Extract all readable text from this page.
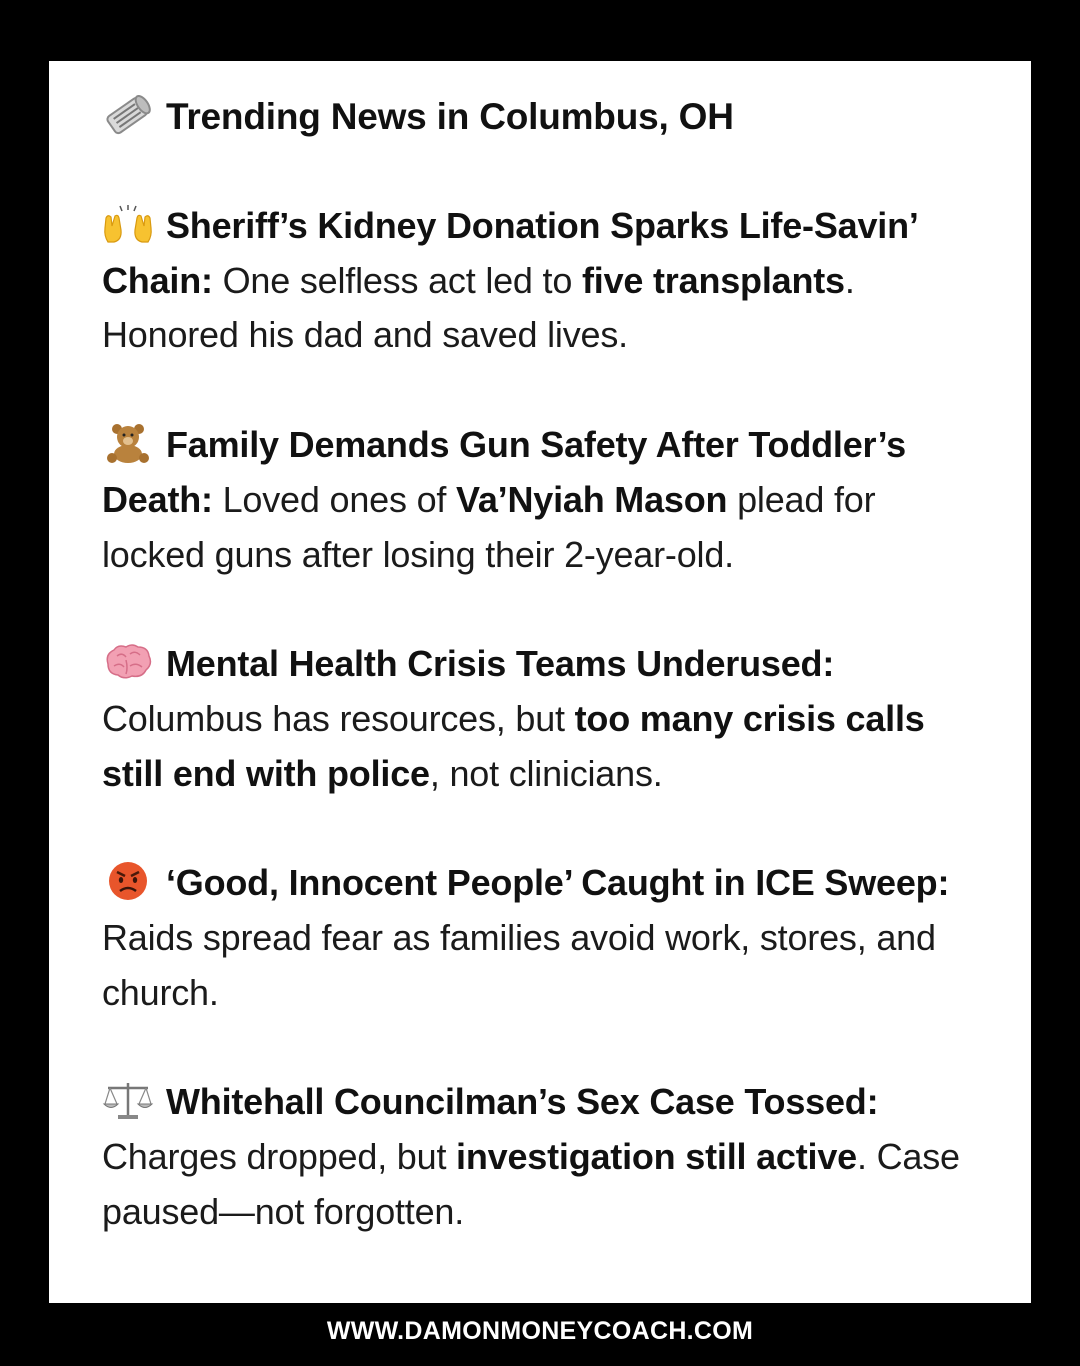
Trending News in Columbus, OH
Sheriff’s Kidney Donation Sparks Life-Savin’ Chain: One selfless act led to five transplants. Honored his dad and saved lives.
Family Demands Gun Safety After Toddler’s Death: Loved ones of Va’Nyiah Mason plead for locked guns after losing their 2-year-old.
Mental Health Crisis Teams Underused: Columbus has resources, but too many crisis calls still end with police, not clinicians.
‘Good, Innocent People’ Caught in ICE Sweep: Raids spread fear as families avoid work, stores, and church.
Whitehall Councilman’s Sex Case Tossed: Charges dropped, but investigation still active. Case paused—not forgotten.
WWW.DAMONMONEYCOACH.COM
